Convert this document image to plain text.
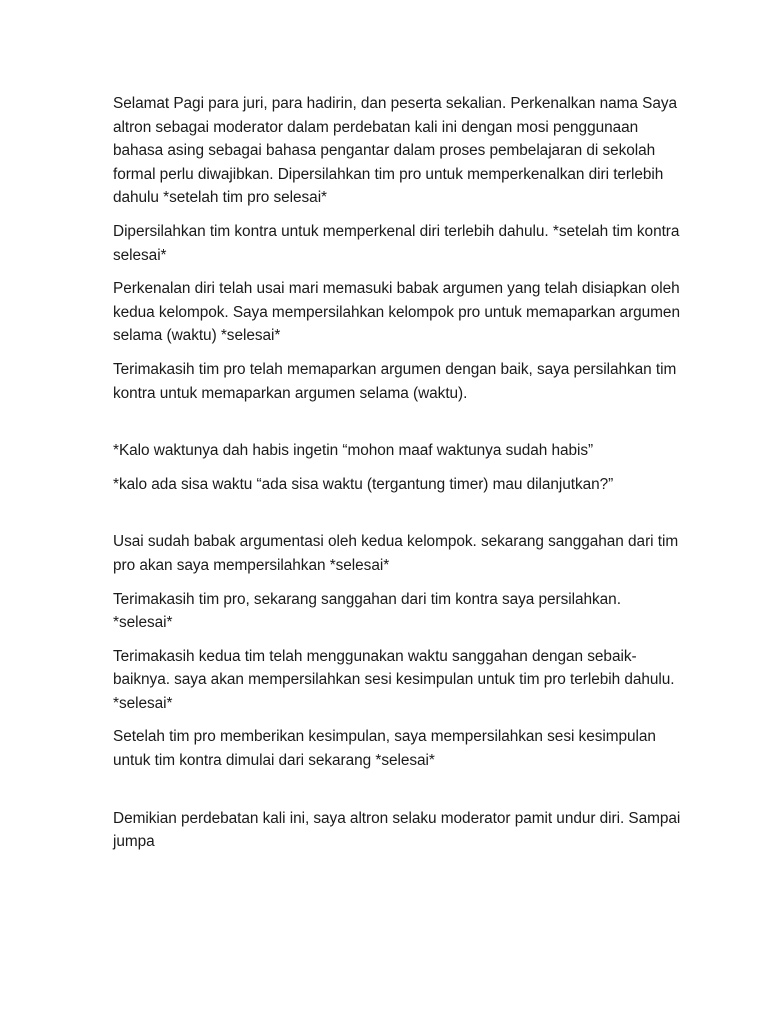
Selamat Pagi para juri, para hadirin, dan peserta sekalian. Perkenalkan nama Saya altron sebagai moderator dalam perdebatan kali ini dengan mosi penggunaan bahasa asing sebagai bahasa pengantar dalam proses pembelajaran di sekolah formal perlu diwajibkan. Dipersilahkan tim pro untuk memperkenalkan diri terlebih dahulu *setelah tim pro selesai*

Dipersilahkan tim kontra untuk memperkenal diri terlebih dahulu. *setelah tim kontra selesai*

Perkenalan diri telah usai mari memasuki babak argumen yang telah disiapkan oleh kedua kelompok. Saya mempersilahkan kelompok pro untuk memaparkan argumen selama (waktu) *selesai*

Terimakasih tim pro telah memaparkan argumen dengan baik, saya persilahkan tim kontra untuk memaparkan argumen selama (waktu).

*Kalo waktunya dah habis ingetin “mohon maaf waktunya sudah habis”

*kalo ada sisa waktu “ada sisa waktu (tergantung timer) mau dilanjutkan?”

Usai sudah babak argumentasi oleh kedua kelompok. sekarang sanggahan dari tim pro akan saya mempersilahkan *selesai*

Terimakasih tim pro, sekarang sanggahan dari tim kontra saya persilahkan. *selesai*

Terimakasih kedua tim telah menggunakan waktu sanggahan dengan sebaik-baiknya. saya akan mempersilahkan sesi kesimpulan untuk tim pro terlebih dahulu. *selesai*

Setelah tim pro memberikan kesimpulan, saya mempersilahkan sesi kesimpulan untuk tim kontra dimulai dari sekarang *selesai*

Demikian perdebatan kali ini, saya altron selaku moderator pamit undur diri. Sampai jumpa
